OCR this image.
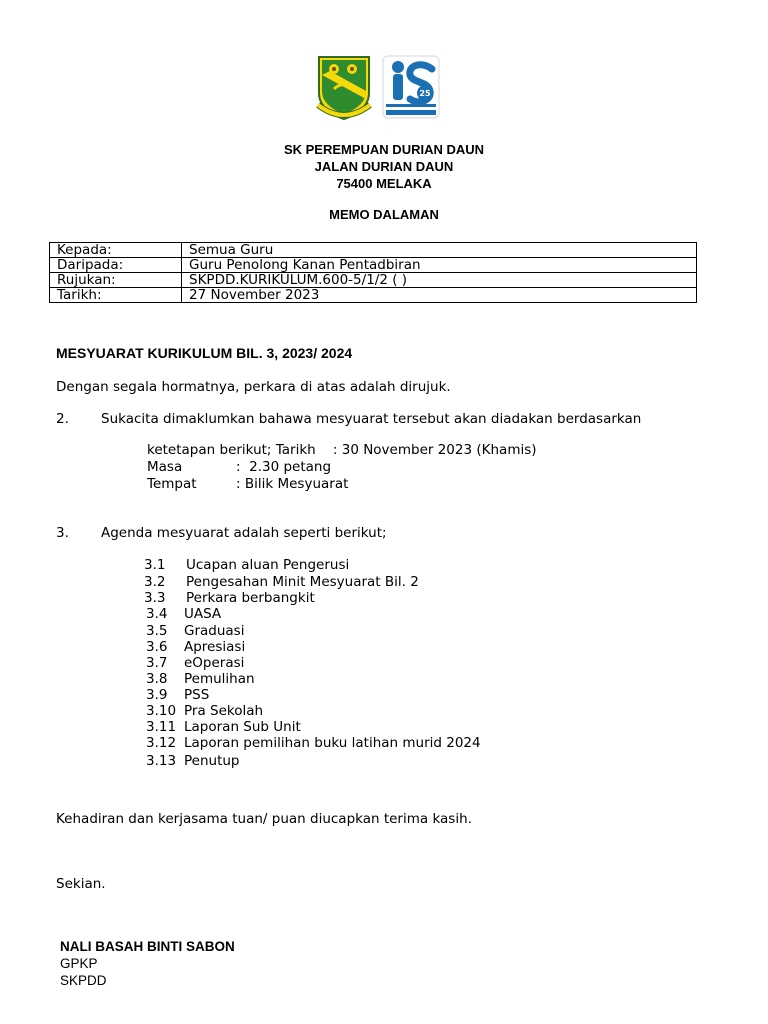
25
SK PEREMPUAN DURIAN DAUN
JALAN DURIAN DAUN
75400 MELAKA
MEMO DALAMAN
Kepada:	Semua Guru
Daripada:	Guru Penolong Kanan Pentadbiran
Rujukan:	SKPDD.KURIKULUM.600-5/1/2 ( )
Tarikh:	27 November 2023
MESYUARAT KURIKULUM BIL. 3, 2023/ 2024
Dengan segala hormatnya, perkara di atas adalah dirujuk.
2. Sukacita dimaklumkan bahawa mesyuarat tersebut akan diadakan berdasarkan
ketetapan berikut; Tarikh    : 30 November 2023 (Khamis)
Masa	:  2.30 petang
Tempat	: Bilik Mesyuarat
3. Agenda mesyuarat adalah seperti berikut;
3.1 Ucapan aluan Pengerusi
3.2 Pengesahan Minit Mesyuarat Bil. 2
3.3 Perkara berbangkit
3.4 UASA
3.5 Graduasi
3.6 Apresiasi
3.7 eOperasi
3.8 Pemulihan
3.9 PSS
3.10 Pra Sekolah
3.11 Laporan Sub Unit
3.12 Laporan pemilihan buku latihan murid 2024
3.13 Penutup
Kehadiran dan kerjasama tuan/ puan diucapkan terima kasih.
Sekian.
NALI BASAH BINTI SABON
GPKP
SKPDD
